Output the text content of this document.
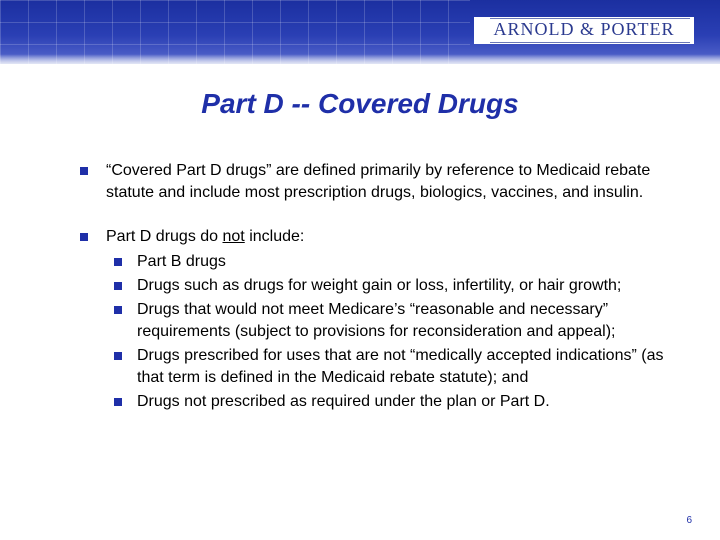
ARNOLD & PORTER
Part D -- Covered Drugs
“Covered Part D drugs” are defined primarily by reference to Medicaid rebate statute and include most prescription drugs, biologics, vaccines, and insulin.
Part D drugs do not include:
Part B drugs
Drugs such as drugs for weight gain or loss, infertility, or hair growth;
Drugs that would not meet Medicare’s “reasonable and necessary” requirements (subject to provisions for reconsideration and appeal);
Drugs prescribed for uses that are not “medically accepted indications” (as that term is defined in the Medicaid rebate statute); and
Drugs not prescribed as required under the plan or Part D.
6
